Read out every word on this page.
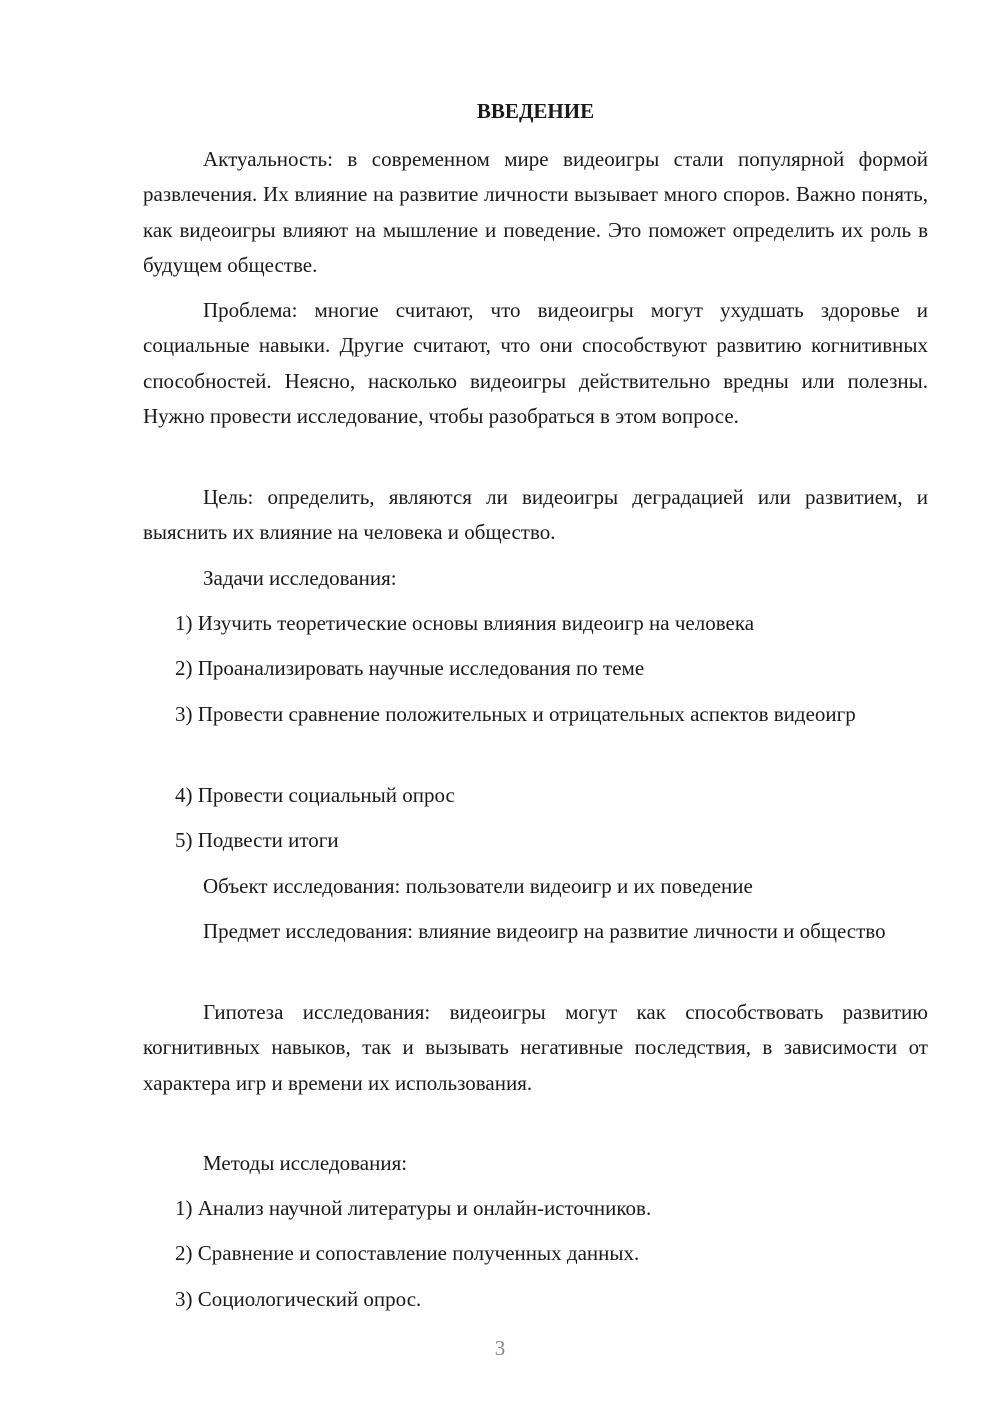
ВВЕДЕНИЕ

Актуальность: в современном мире видеоигры стали популярной формой развлечения. Их влияние на развитие личности вызывает много споров. Важно понять, как видеоигры влияют на мышление и поведение. Это поможет определить их роль в будущем обществе.

Проблема: многие считают, что видеоигры могут ухудшать здоровье и социальные навыки. Другие считают, что они способствуют развитию когнитивных способностей. Неясно, насколько видеоигры действительно вредны или полезны. Нужно провести исследование, чтобы разобраться в этом вопросе.

Цель: определить, являются ли видеоигры деградацией или развитием, и выяснить их влияние на человека и общество.

Задачи исследования:

1) Изучить теоретические основы влияния видеоигр на человека

2) Проанализировать научные исследования по теме

3) Провести сравнение положительных и отрицательных аспектов видеоигр

4) Провести социальный опрос

5) Подвести итоги

Объект исследования: пользователи видеоигр и их поведение

Предмет исследования: влияние видеоигр на развитие личности и общество

Гипотеза исследования: видеоигры могут как способствовать развитию когнитивных навыков, так и вызывать негативные последствия, в зависимости от характера игр и времени их использования.

Методы исследования:

1) Анализ научной литературы и онлайн-источников.

2) Сравнение и сопоставление полученных данных.

3) Социологический опрос.

3
